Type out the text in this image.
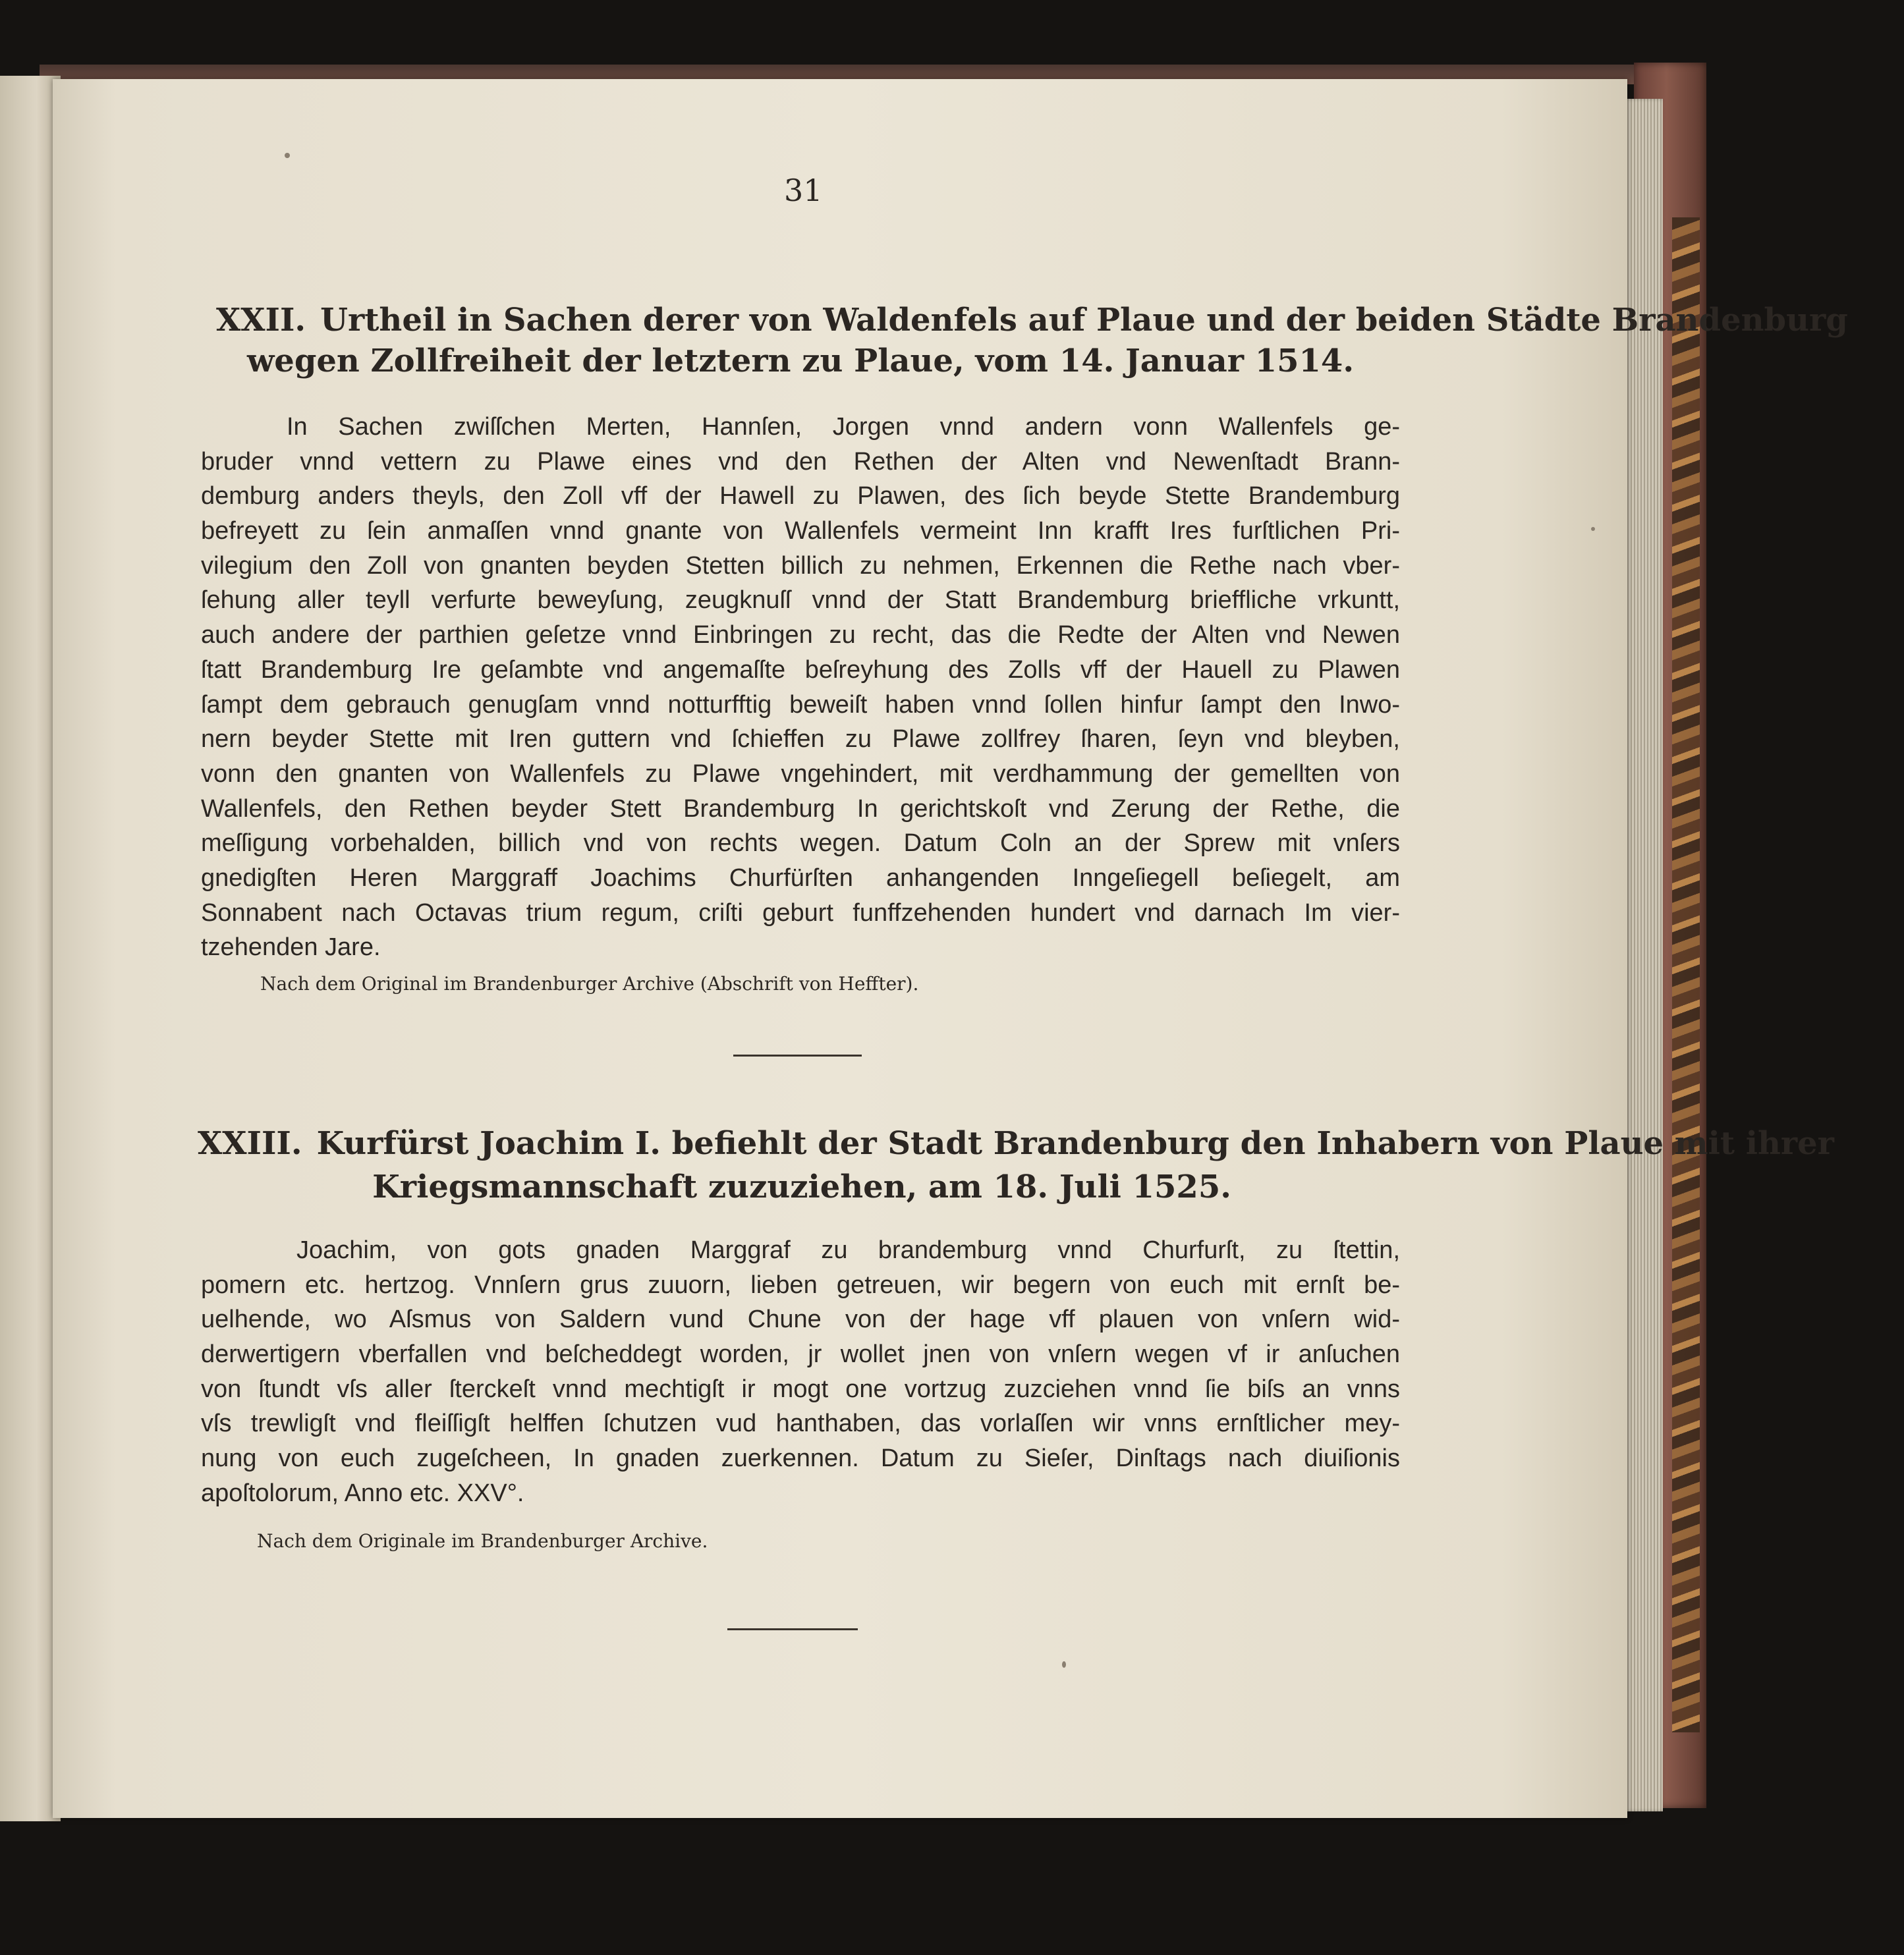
31
XXII. Urtheil in Sachen derer von Waldenfels auf Plaue und der beiden Städte Brandenburg
wegen Zollfreiheit der letztern zu Plaue, vom 14. Januar 1514.
In Sachen zwiſſchen Merten, Hannſen, Jorgen vnnd andern vonn Wallenfels ge-
bruder vnnd vettern zu Plawe eines vnd den Rethen der Alten vnd Newenſtadt Brann-
demburg anders theyls, den Zoll vff der Hawell zu Plawen, des ſich beyde Stette Brandemburg
befreyett zu ſein anmaſſen vnnd gnante von Wallenfels vermeint Inn krafft Ires furſtlichen Pri-
vilegium den Zoll von gnanten beyden Stetten billich zu nehmen, Erkennen die Rethe nach vber-
ſehung aller teyll verfurte beweyſung, zeugknuſſ vnnd der Statt Brandemburg brieffliche vrkuntt,
auch andere der parthien geſetze vnnd Einbringen zu recht, das die Redte der Alten vnd Newen
ſtatt Brandemburg Ire geſambte vnd angemaſſte beſreyhung des Zolls vff der Hauell zu Plawen
ſampt dem gebrauch genugſam vnnd notturfftig beweiſt haben vnnd ſollen hinfur ſampt den Inwo-
nern beyder Stette mit Iren guttern vnd ſchieffen zu Plawe zollfrey ſharen, ſeyn vnd bleyben,
vonn den gnanten von Wallenfels zu Plawe vngehindert, mit verdhammung der gemellten von
Wallenfels, den Rethen beyder Stett Brandemburg In gerichtskoſt vnd Zerung der Rethe, die
meſſigung vorbehalden, billich vnd von rechts wegen. Datum Coln an der Sprew mit vnſers
gnedigſten Heren Marggraff Joachims Churfürſten anhangenden Inngeſiegell beſiegelt, am
Sonnabent nach Octavas trium regum, criſti geburt funffzehenden hundert vnd darnach Im vier-
tzehenden Jare.
Nach dem Original im Brandenburger Archive (Abschrift von Heffter).
XXIII. Kurfürst Joachim I. befiehlt der Stadt Brandenburg den Inhabern von Plaue mit ihrer
Kriegsmannschaft zuzuziehen, am 18. Juli 1525.
Joachim, von gots gnaden Marggraf zu brandemburg vnnd Churfurſt, zu ſtettin,
pomern etc. hertzog. Vnnſern grus zuuorn, lieben getreuen, wir begern von euch mit ernſt be-
uelhende, wo Aſsmus von Saldern vund Chune von der hage vff plauen von vnſern wid-
derwertigern vberfallen vnd beſcheddegt worden, jr wollet jnen von vnſern wegen vf ir anſuchen
von ſtundt vſs aller ſterckeſt vnnd mechtigſt ir mogt one vortzug zuzciehen vnnd ſie biſs an vnns
vſs trewligſt vnd fleiſſigſt helffen ſchutzen vud hanthaben, das vorlaſſen wir vnns ernſtlicher mey-
nung von euch zugeſcheen, In gnaden zuerkennen. Datum zu Sieſer, Dinſtags nach diuiſionis
apoſtolorum, Anno etc. XXV°.
Nach dem Originale im Brandenburger Archive.
